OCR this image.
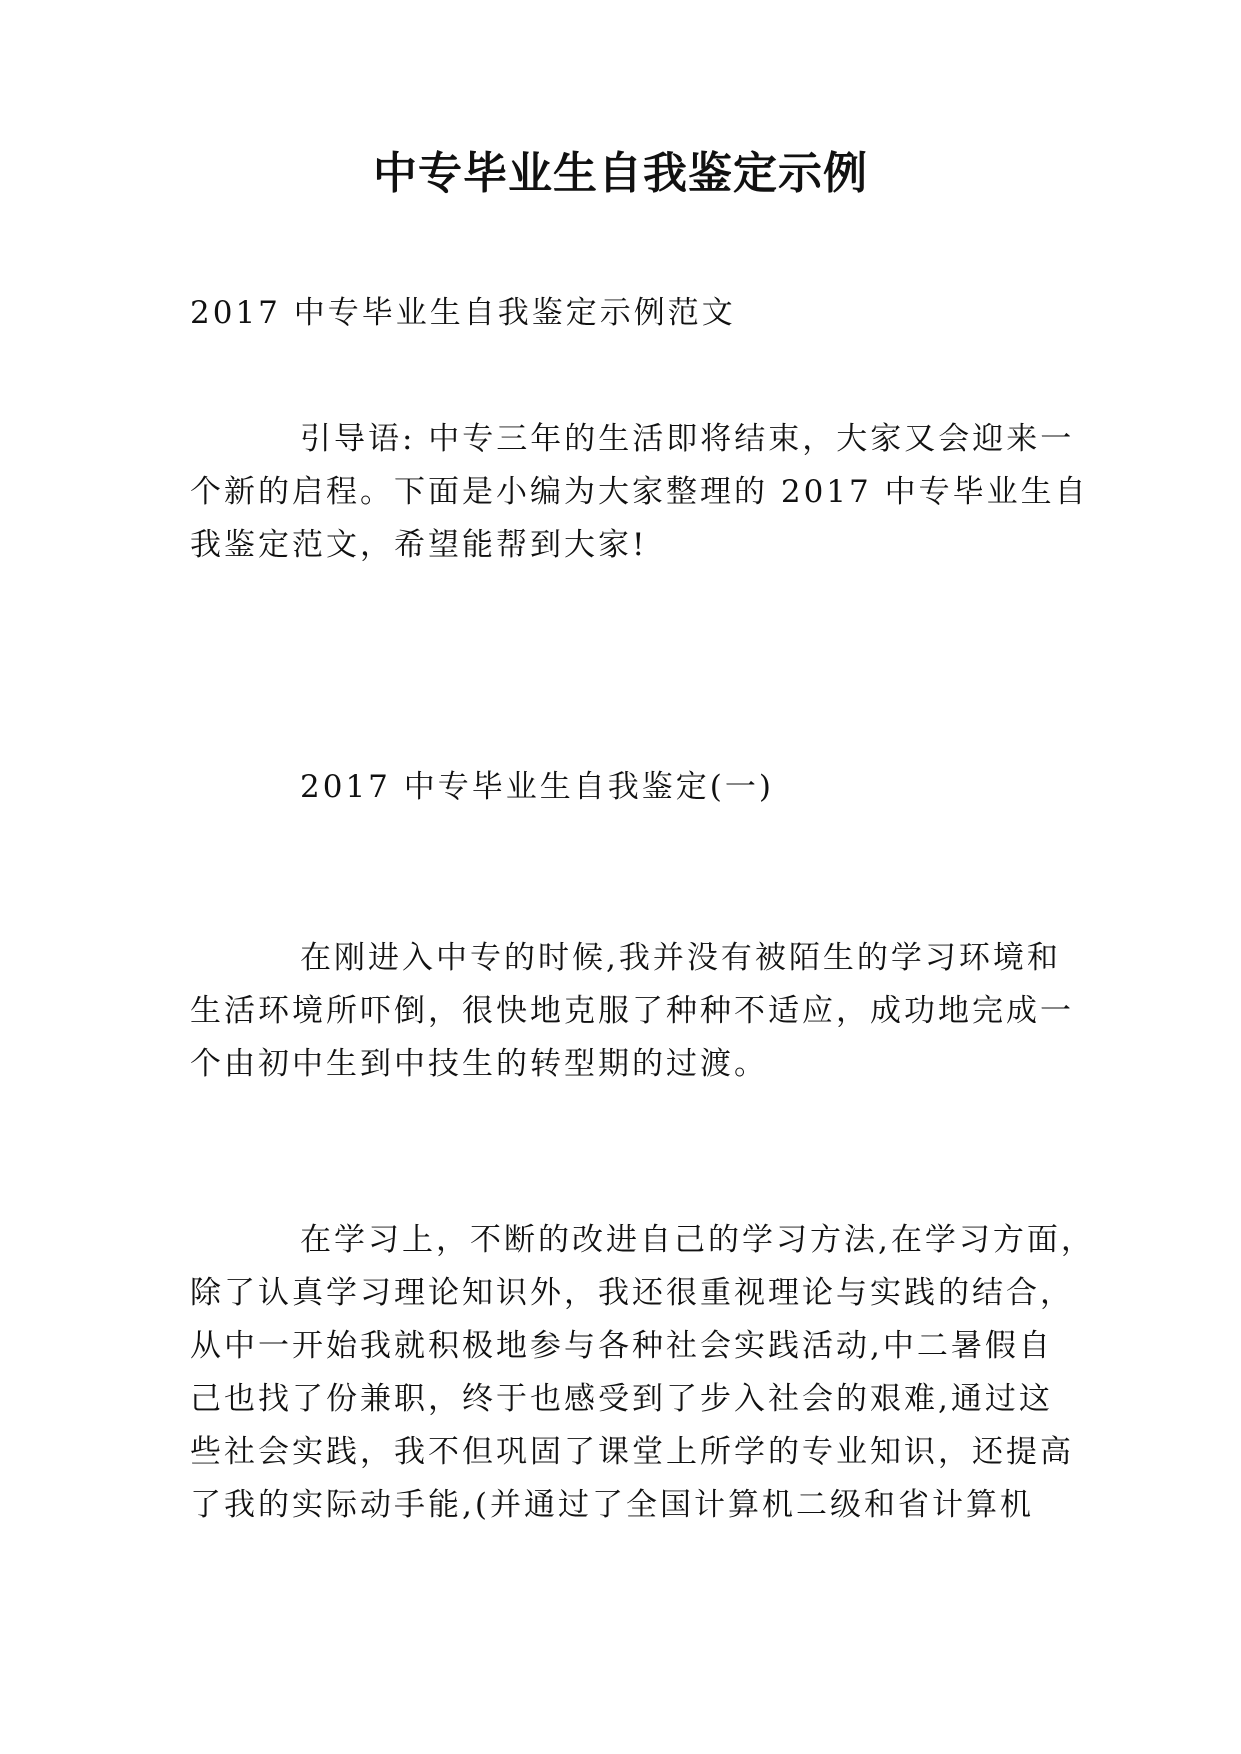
中专毕业生自我鉴定示例
2017 中专毕业生自我鉴定示例范文
引导语: 中专三年的生活即将结束，大家又会迎来一
个新的启程。下面是小编为大家整理的 2017 中专毕业生自
我鉴定范文，希望能帮到大家!
2017 中专毕业生自我鉴定(一)
在刚进入中专的时候,我并没有被陌生的学习环境和
生活环境所吓倒，很快地克服了种种不适应，成功地完成一
个由初中生到中技生的转型期的过渡。
在学习上，不断的改进自己的学习方法,在学习方面，
除了认真学习理论知识外，我还很重视理论与实践的结合，
从中一开始我就积极地参与各种社会实践活动,中二暑假自
己也找了份兼职，终于也感受到了步入社会的艰难,通过这
些社会实践，我不但巩固了课堂上所学的专业知识，还提高
了我的实际动手能,(并通过了全国计算机二级和省计算机
